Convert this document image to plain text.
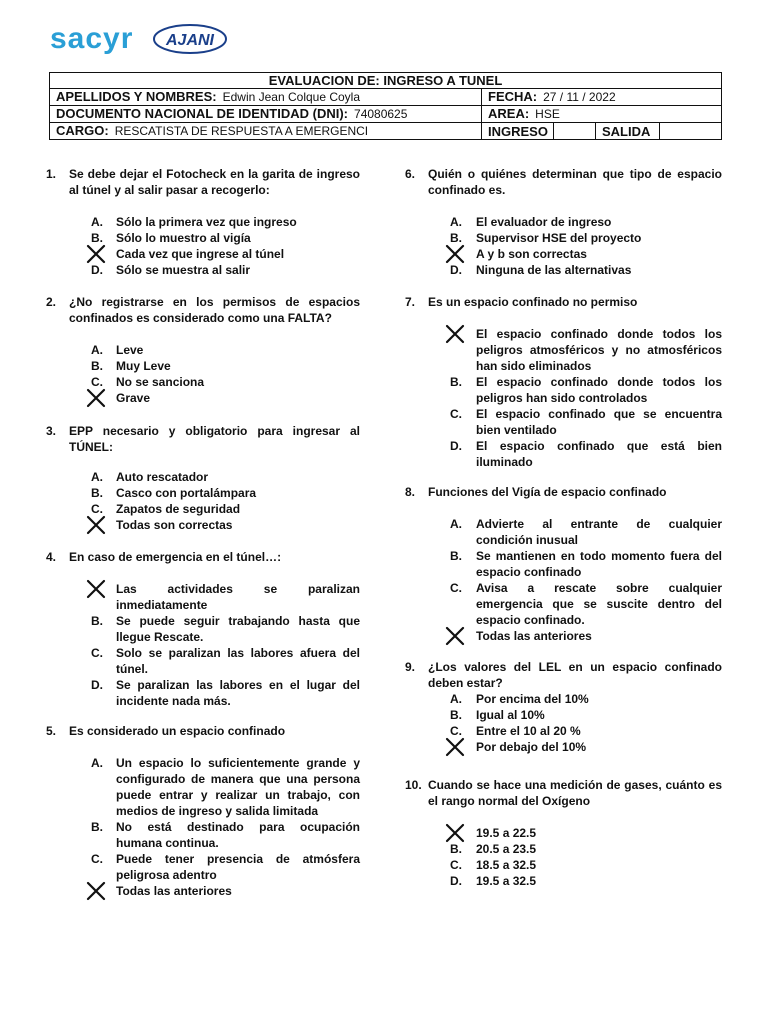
sacyr AJANI
EVALUACION DE: INGRESO A TUNEL				
APELLIDOS Y NOMBRES: Edwin Jean Colque Coyla	FECHA: 27 / 11 / 2022			
DOCUMENTO NACIONAL DE IDENTIDAD (DNI): 74080625	AREA: HSE			
CARGO: RESCATISTA DE RESPUESTA A EMERGENCI	INGRESO		SALIDA	
1. Se debe dejar el Fotocheck en la garita de ingreso al túnel y al salir pasar a recogerlo:
A. Sólo la primera vez que ingreso
B. Sólo lo muestro al vigía
Cada vez que ingrese al túnel
D. Sólo se muestra al salir
2. ¿No registrarse en los permisos de espacios confinados es considerado como una FALTA?
A. Leve
B. Muy Leve
C. No se sanciona
Grave
3. EPP necesario y obligatorio para ingresar al TÚNEL:
A. Auto rescatador
B. Casco con portalámpara
C. Zapatos de seguridad
Todas son correctas
4. En caso de emergencia en el túnel…:
Las actividades se paralizan inmediatamente
B. Se puede seguir trabajando hasta que llegue Rescate.
C. Solo se paralizan las labores afuera del túnel.
D. Se paralizan las labores en el lugar del incidente nada más.
5. Es considerado un espacio confinado
A. Un espacio lo suficientemente grande y configurado de manera que una persona puede entrar y realizar un trabajo, con medios de ingreso y salida limitada
B. No está destinado para ocupación humana continua.
C. Puede tener presencia de atmósfera peligrosa adentro
Todas las anteriores
6. Quién o quiénes determinan que tipo de espacio confinado es.
A. El evaluador de ingreso
B. Supervisor HSE del proyecto
A y b son correctas
D. Ninguna de las alternativas
7. Es un espacio confinado no permiso
El espacio confinado donde todos los peligros atmosféricos y no atmosféricos han sido eliminados
B. El espacio confinado donde todos los peligros han sido controlados
C. El espacio confinado que se encuentra bien ventilado
D. El espacio confinado que está bien iluminado
8. Funciones del Vigía de espacio confinado
A. Advierte al entrante de cualquier condición inusual
B. Se mantienen en todo momento fuera del espacio confinado
C. Avisa a rescate sobre cualquier emergencia que se suscite dentro del espacio confinado.
Todas las anteriores
9. ¿Los valores del LEL en un espacio confinado deben estar?
A. Por encima del 10%
B. Igual al 10%
C. Entre el 10 al 20 %
Por debajo del 10%
10. Cuando se hace una medición de gases, cuánto es el rango normal del Oxígeno
19.5 a 22.5
B. 20.5 a 23.5
C. 18.5 a 32.5
D. 19.5 a 32.5
